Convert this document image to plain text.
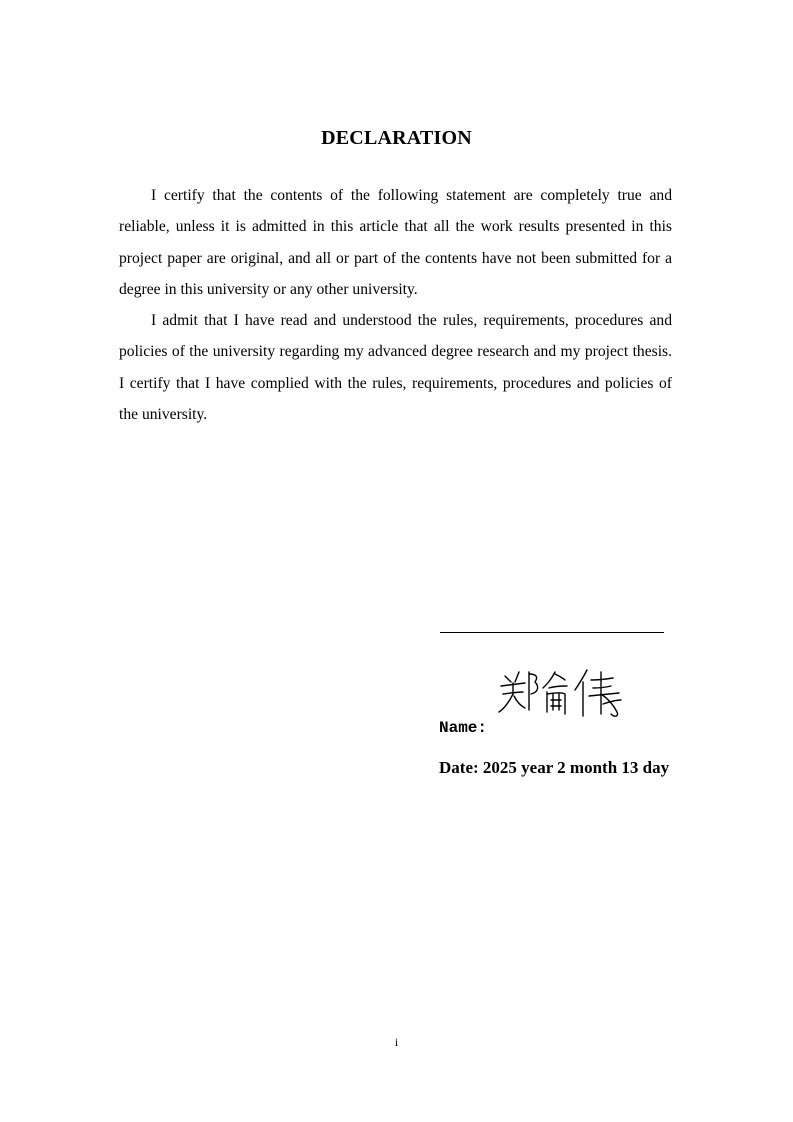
DECLARATION

I certify that the contents of the following statement are completely true and reliable, unless it is admitted in this article that all the work results presented in this project paper are original, and all or part of the contents have not been submitted for a degree in this university or any other university.

I admit that I have read and understood the rules, requirements, procedures and policies of the university regarding my advanced degree research and my project thesis. I certify that I have complied with the rules, requirements, procedures and policies of the university.

Name:
Date: 2025 year 2 month 13 day
i
